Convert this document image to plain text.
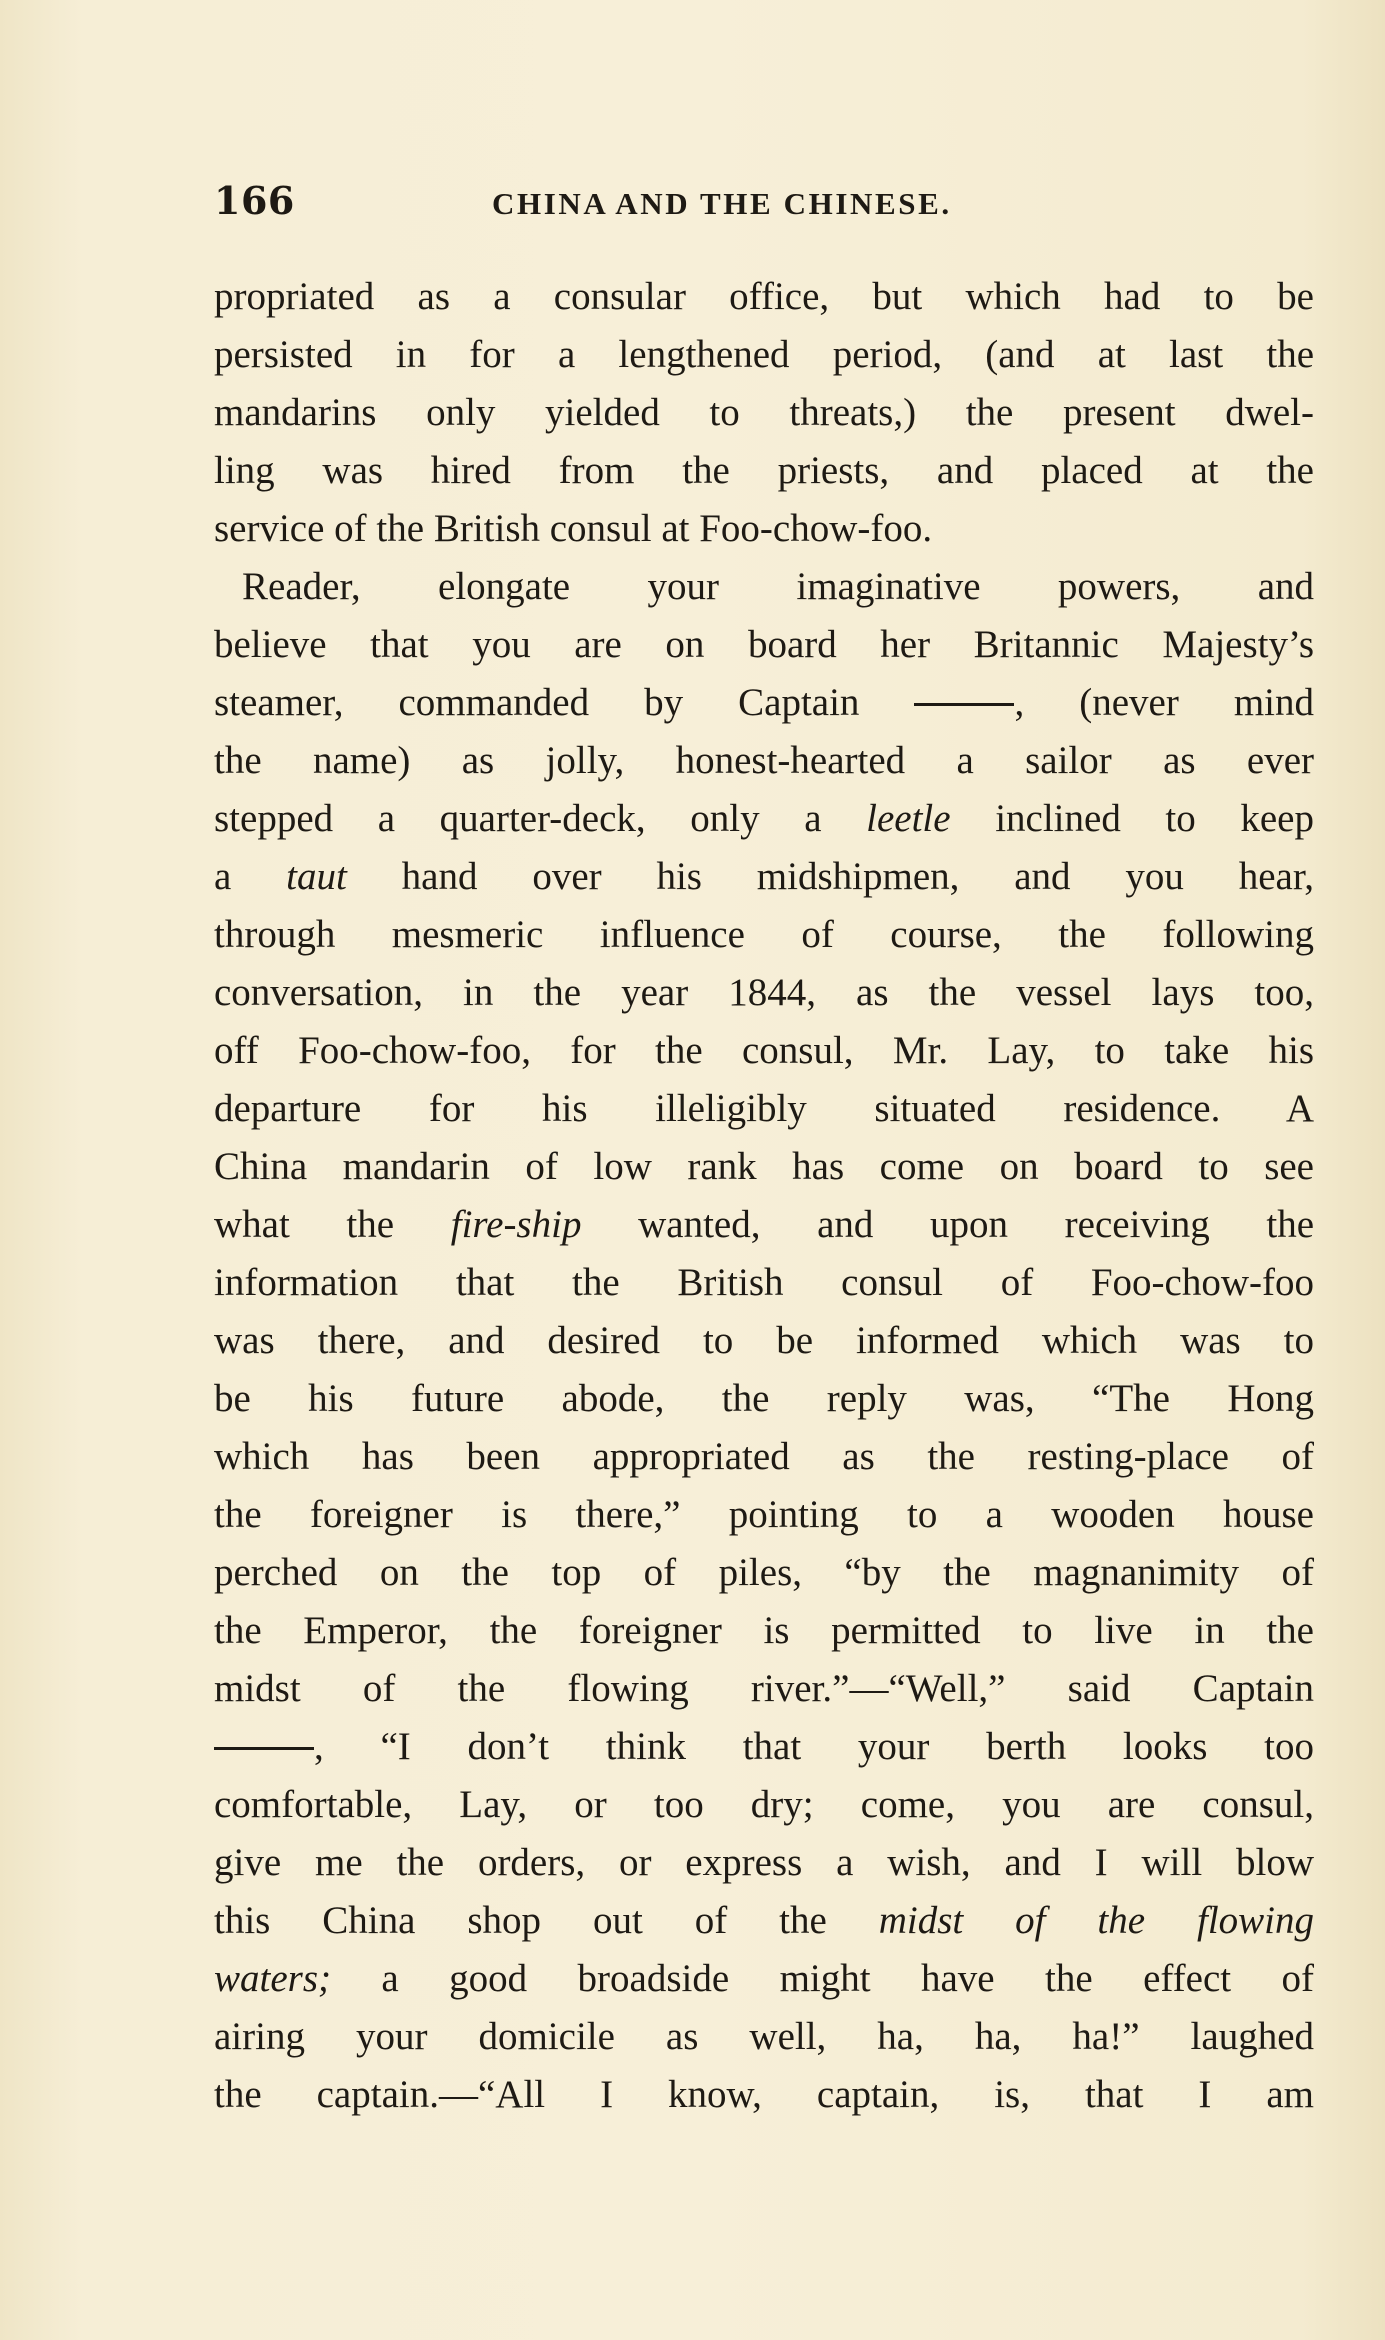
166	CHINA AND THE CHINESE.
propriated as a consular office, but which had to be
persisted in for a lengthened period, (and at last the
mandarins only yielded to threats,) the present dwel-
ling was hired from the priests, and placed at the
service of the British consul at Foo-chow-foo.
Reader, elongate your imaginative powers, and
believe that you are on board her Britannic Majesty’s
steamer, commanded by Captain	, (never mind
the name) as jolly, honest-hearted a sailor as ever
stepped a quarter-deck, only a leetle inclined to keep
a taut hand over his midshipmen, and you hear,
through mesmeric influence of course, the following
conversation, in the year 1844, as the vessel lays too,
off Foo-chow-foo, for the consul, Mr. Lay, to take his
departure for his illeligibly situated residence. A
China mandarin of low rank has come on board to see
what the fire-ship wanted, and upon receiving the
information that the British consul of Foo-chow-foo
was there, and desired to be informed which was to
be his future abode, the reply was, “The Hong
which has been appropriated as the resting-place of
the foreigner is there,” pointing to a wooden house
perched on the top of piles, “by the magnanimity of
the Emperor, the foreigner is permitted to live in the
midst of the flowing river.”—“Well,” said Captain
, “I don’t think that your berth looks too
comfortable, Lay, or too dry; come, you are consul,
give me the orders, or express a wish, and I will blow
this China shop out of the midst of the flowing
waters; a good broadside might have the effect of
airing your domicile as well, ha, ha, ha!” laughed
the captain.—“All I know, captain, is, that I am
